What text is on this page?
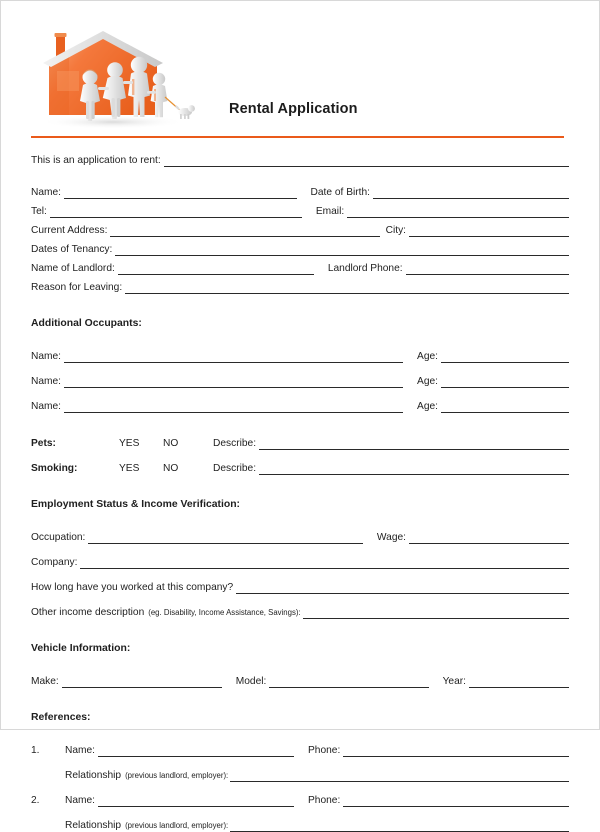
Rental Application
This is an application to rent:
Name:	Date of Birth:
Tel:	Email:
Current Address:	City:
Dates of Tenancy:
Name of Landlord:	Landlord Phone:
Reason for Leaving:
Additional Occupants:
Name:	Age:
Name:	Age:
Name:	Age:
Pets:	YES	NO	Describe:
Smoking:	YES	NO	Describe:
Employment Status & Income Verification:
Occupation:	Wage:
Company:
How long have you worked at this company?
Other income description (eg. Disability, Income Assistance, Savings):
Vehicle Information:
Make:	Model:	Year:
References:
1.	Name:	Phone:
Relationship (previous landlord, employer):
2.	Name:	Phone:
Relationship (previous landlord, employer):
